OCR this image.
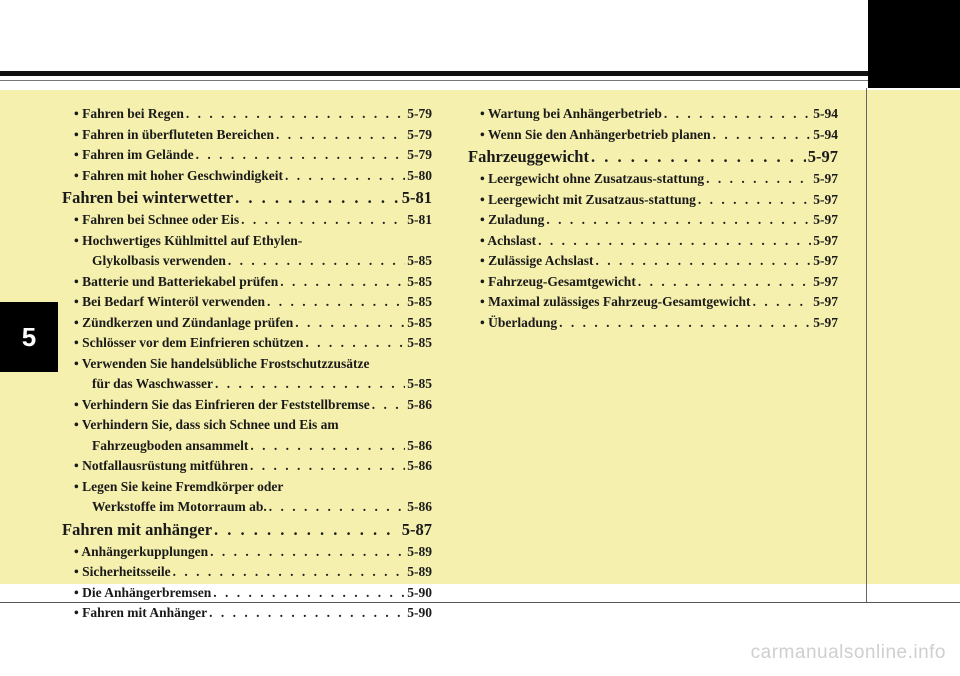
5
• Fahren bei Regen . . .	5-79
• Fahren in überfluteten Bereichen . . .	5-79
• Fahren im Gelände . . .	5-79
• Fahren mit hoher Geschwindigkeit . . .	5-80
Fahren bei winterwetter . . .	5-81
• Fahren bei Schnee oder Eis . . .	5-81
• Hochwertiges Kühlmittel auf Ethylen-
Glykolbasis verwenden . . .	5-85
• Batterie und Batteriekabel prüfen . . .	5-85
• Bei Bedarf Winteröl verwenden . . .	5-85
• Zündkerzen und Zündanlage prüfen . . .	5-85
• Schlösser vor dem Einfrieren schützen . . .	5-85
• Verwenden Sie handelsübliche Frostschutzzusätze
für das Waschwasser . . .	5-85
• Verhindern Sie das Einfrieren der Feststellbremse . . .	5-86
• Verhindern Sie, dass sich Schnee und Eis am
Fahrzeugboden ansammelt . . .	5-86
• Notfallausrüstung mitführen . . .	5-86
• Legen Sie keine Fremdkörper oder
Werkstoffe im Motorraum ab. . . .	5-86
Fahren mit anhänger . . .	5-87
• Anhängerkupplungen . . .	5-89
• Sicherheitsseile . . .	5-89
• Die Anhängerbremsen . . .	5-90
• Fahren mit Anhänger . . .	5-90
• Wartung bei Anhängerbetrieb . . .	5-94
• Wenn Sie den Anhängerbetrieb planen . . .	5-94
Fahrzeuggewicht . . .	5-97
• Leergewicht ohne Zusatzaus-stattung . . .	5-97
• Leergewicht mit Zusatzaus-stattung . . .	5-97
• Zuladung . . .	5-97
• Achslast . . .	5-97
• Zulässige Achslast . . .	5-97
• Fahrzeug-Gesamtgewicht . . .	5-97
• Maximal zulässiges Fahrzeug-Gesamtgewicht . . .	5-97
• Überladung . . .	5-97
carmanualsonline.info
